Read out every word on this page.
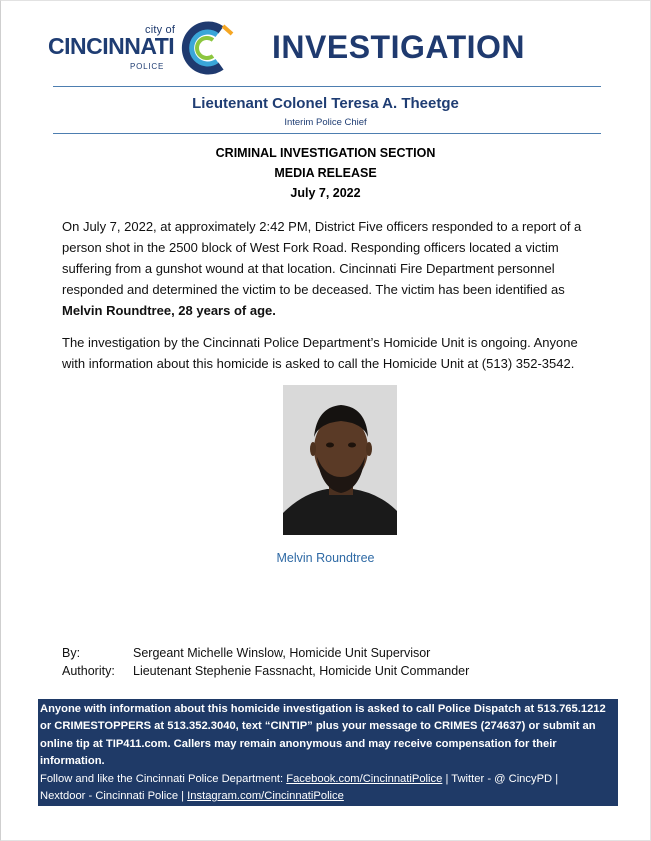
city of
CINCINNATI
POLICE
INVESTIGATION
Lieutenant Colonel Teresa A. Theetge
Interim Police Chief
CRIMINAL INVESTIGATION SECTION
MEDIA RELEASE
July 7, 2022
On July 7, 2022, at approximately 2:42 PM, District Five officers responded to a report of a
person shot in the 2500 block of West Fork Road. Responding officers located a victim
suffering from a gunshot wound at that location. Cincinnati Fire Department personnel
responded and determined the victim to be deceased. The victim has been identified as
Melvin Roundtree, 28 years of age.
The investigation by the Cincinnati Police Department’s Homicide Unit is ongoing. Anyone
with information about this homicide is asked to call the Homicide Unit at (513) 352-3542.
Melvin Roundtree
By:	Sergeant Michelle Winslow, Homicide Unit Supervisor
Authority: Lieutenant Stephenie Fassnacht, Homicide Unit Commander
Anyone with information about this homicide investigation is asked to call Police Dispatch at 513.765.1212
or CRIMESTOPPERS at 513.352.3040, text “CINTIP” plus your message to CRIMES (274637) or submit an
online tip at TIP411.com. Callers may remain anonymous and may receive compensation for their
information.
Follow and like the Cincinnati Police Department: Facebook.com/CincinnatiPolice | Twitter - @ CincyPD |
Nextdoor - Cincinnati Police | Instagram.com/CincinnatiPolice
